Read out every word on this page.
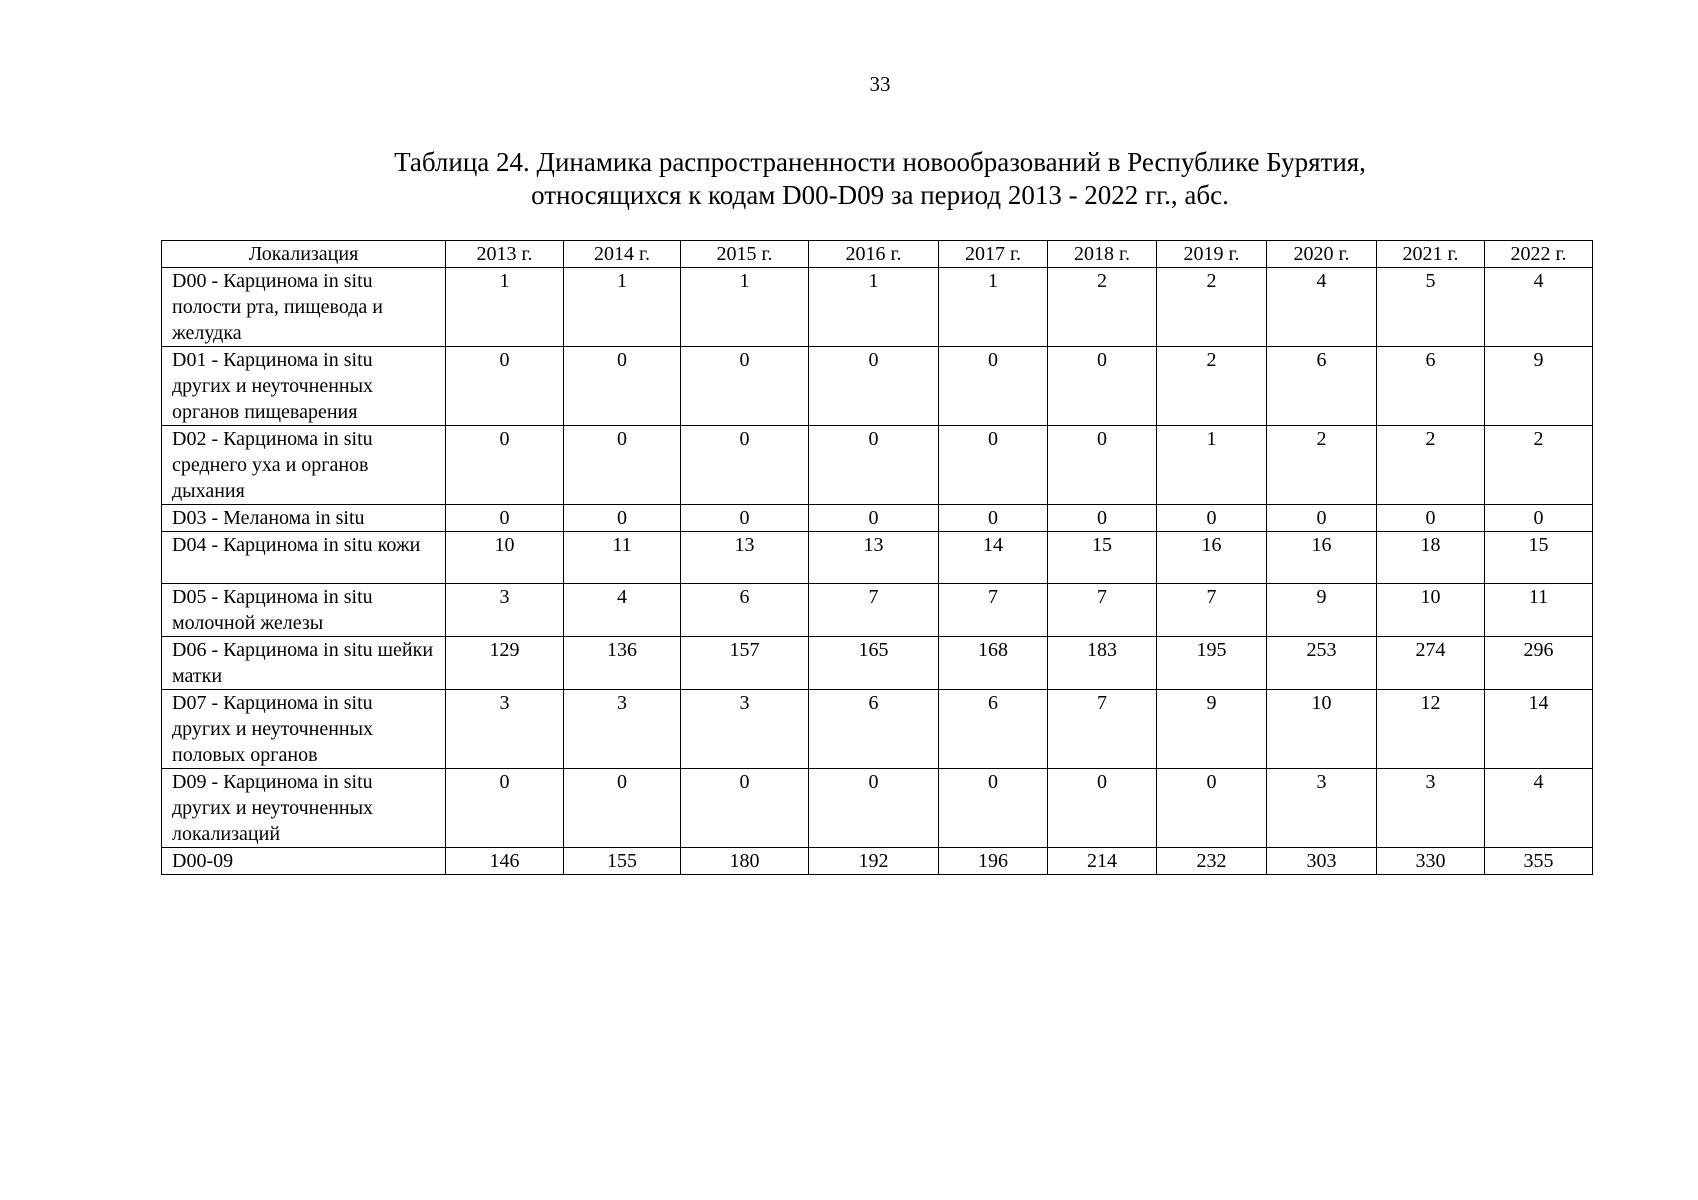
33
Таблица 24. Динамика распространенности новообразований в Республике Бурятия,
относящихся к кодам D00-D09 за период 2013 - 2022 гг., абс.
Локализация	2013 г.	2014 г.	2015 г.	2016 г.	2017 г.	2018 г.	2019 г.	2020 г.	2021 г.	2022 г.
D00 - Карцинома in situ полости рта, пищевода и желудка	1	1	1	1	1	2	2	4	5	4
D01 - Карцинома in situ других и неуточненных органов пищеварения	0	0	0	0	0	0	2	6	6	9
D02 - Карцинома in situ среднего уха и органов дыхания	0	0	0	0	0	0	1	2	2	2
D03 - Меланома in situ	0	0	0	0	0	0	0	0	0	0
D04 - Карцинома in situ кожи	10	11	13	13	14	15	16	16	18	15
D05 - Карцинома in situ молочной железы	3	4	6	7	7	7	7	9	10	11
D06 - Карцинома in situ шейки матки	129	136	157	165	168	183	195	253	274	296
D07 - Карцинома in situ других и неуточненных половых органов	3	3	3	6	6	7	9	10	12	14
D09 - Карцинома in situ других и неуточненных локализаций	0	0	0	0	0	0	0	3	3	4
D00-09	146	155	180	192	196	214	232	303	330	355
